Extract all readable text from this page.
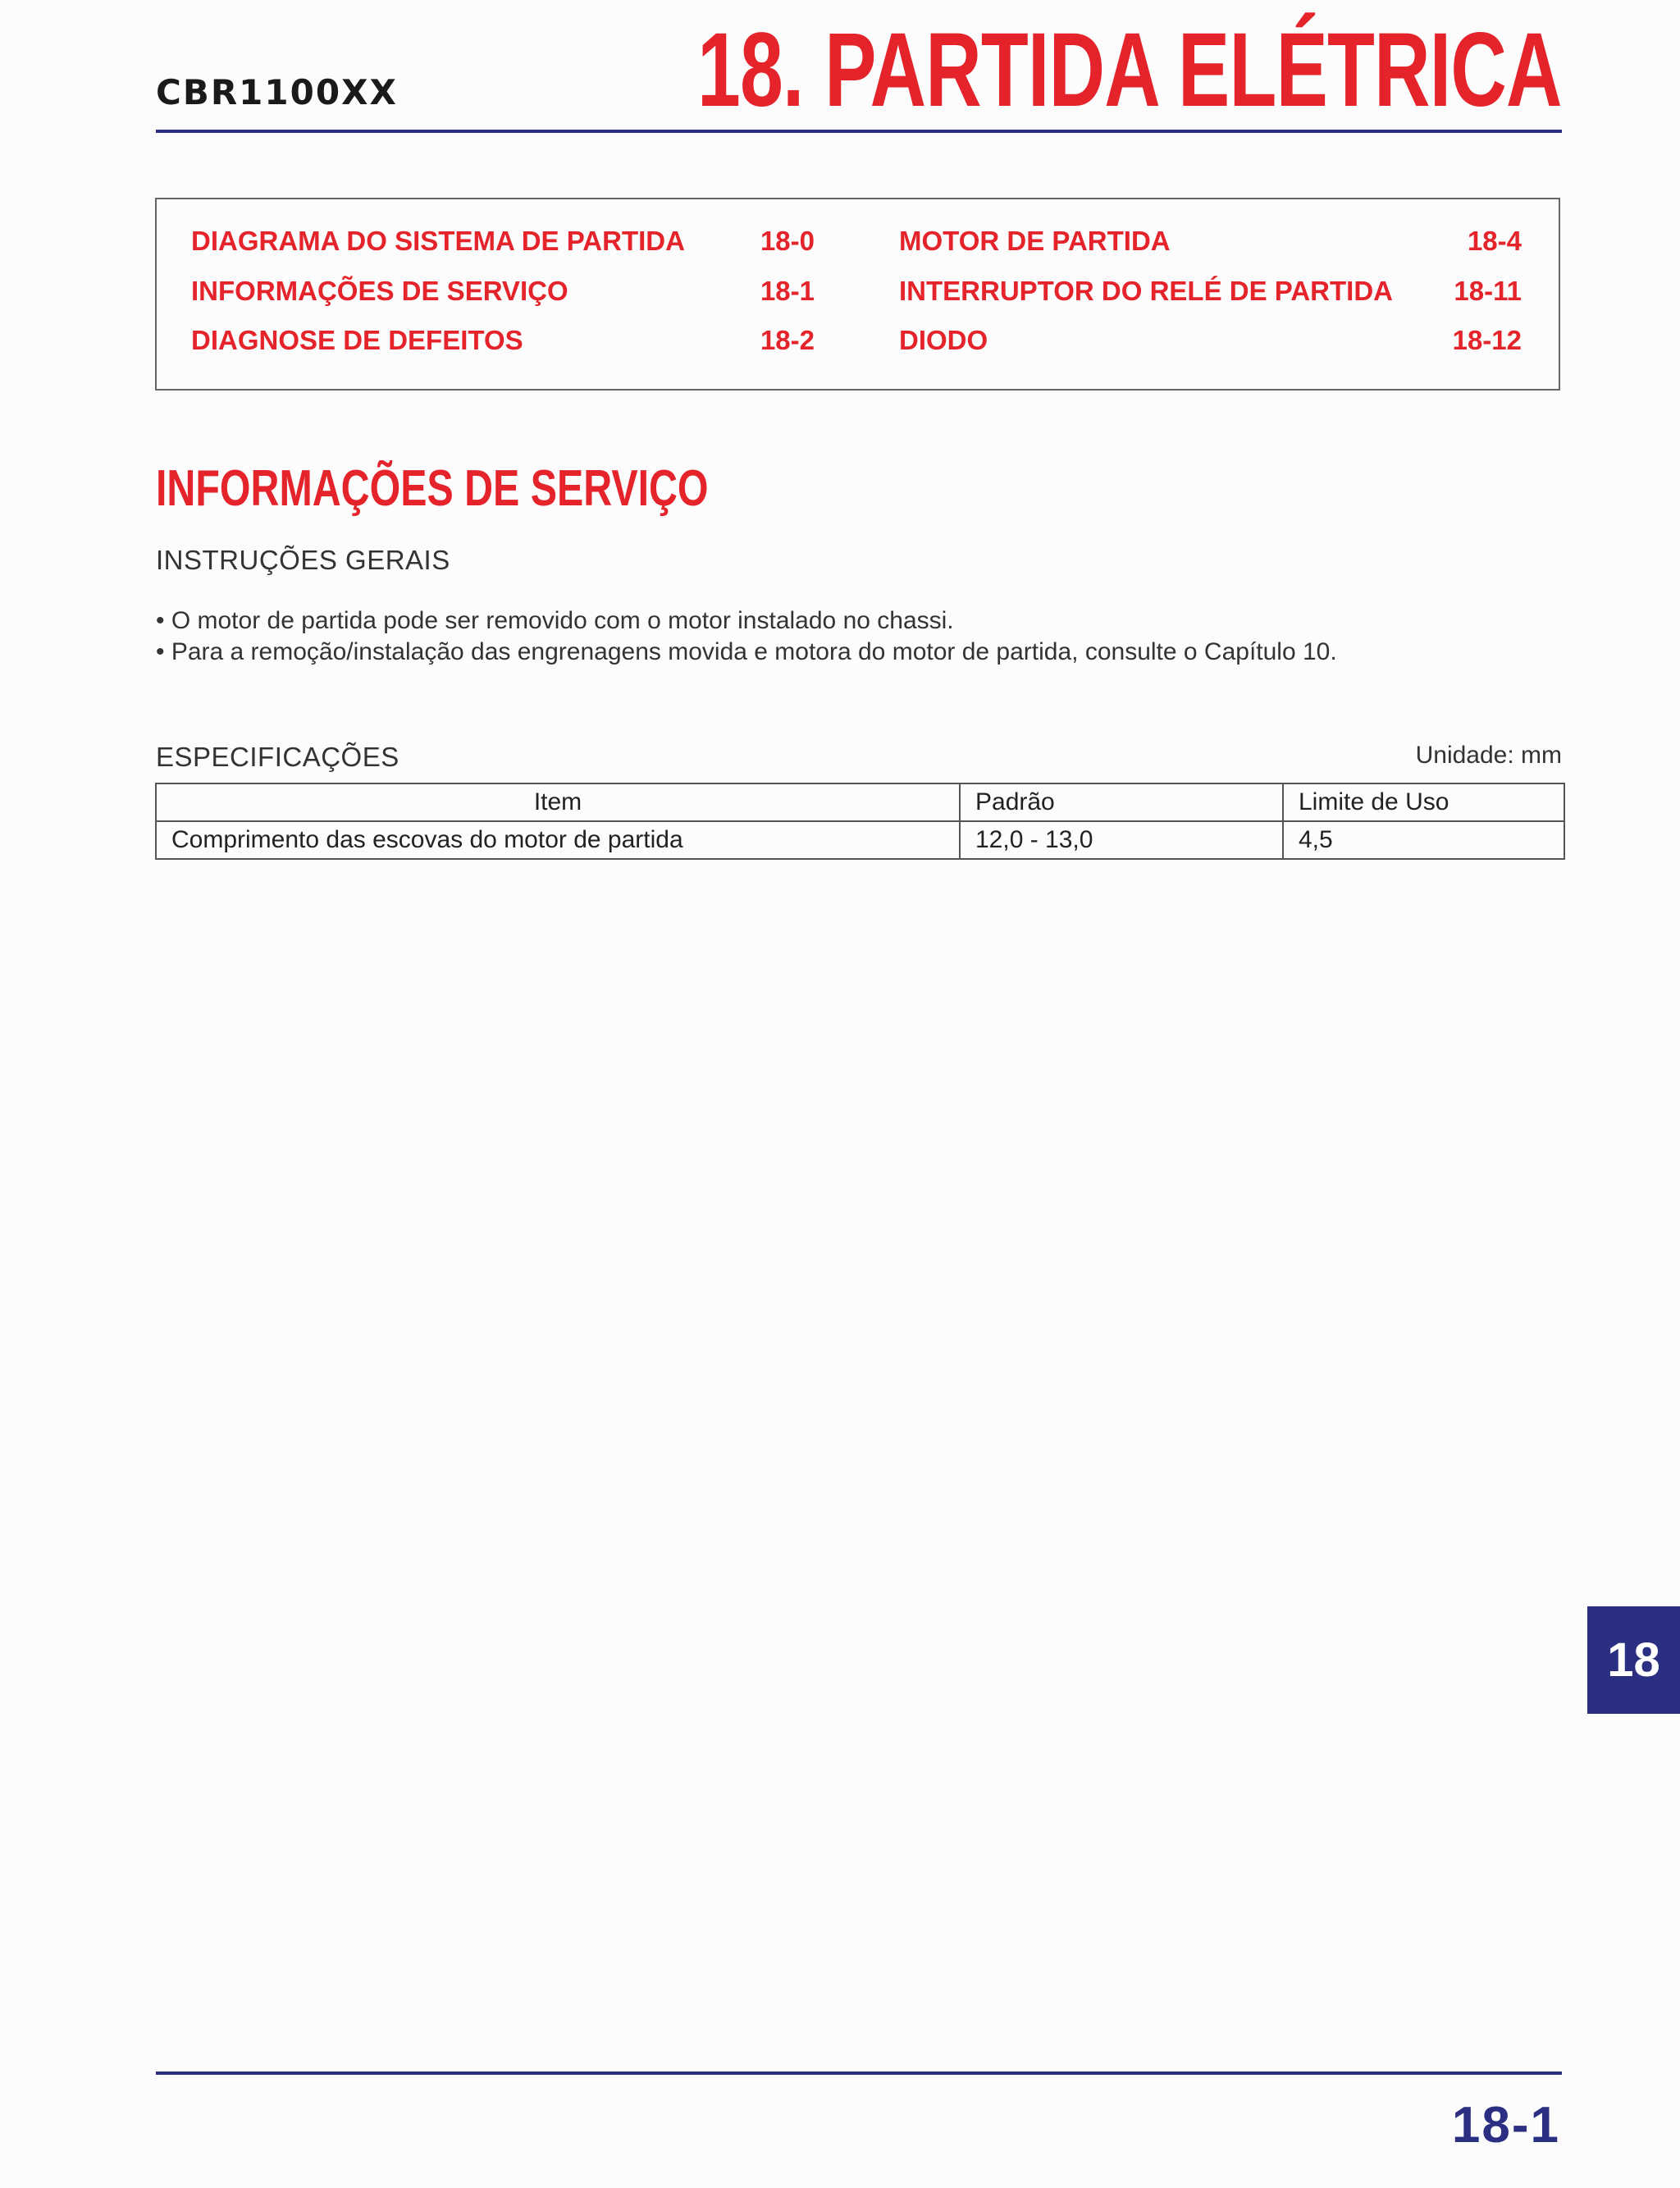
CBR1100XX	18. PARTIDA ELÉTRICA
DIAGRAMA DO SISTEMA DE PARTIDA	18-0
INFORMAÇÕES DE SERVIÇO	18-1
DIAGNOSE DE DEFEITOS	18-2
MOTOR DE PARTIDA	18-4
INTERRUPTOR DO RELÉ DE PARTIDA	18-11
DIODO	18-12
INFORMAÇÕES DE SERVIÇO
INSTRUÇÕES GERAIS
• O motor de partida pode ser removido com o motor instalado no chassi.
• Para a remoção/instalação das engrenagens movida e motora do motor de partida, consulte o Capítulo 10.
ESPECIFICAÇÕES	Unidade: mm
Item	Padrão	Limite de Uso
Comprimento das escovas do motor de partida	12,0 - 13,0	4,5
18
18-1
